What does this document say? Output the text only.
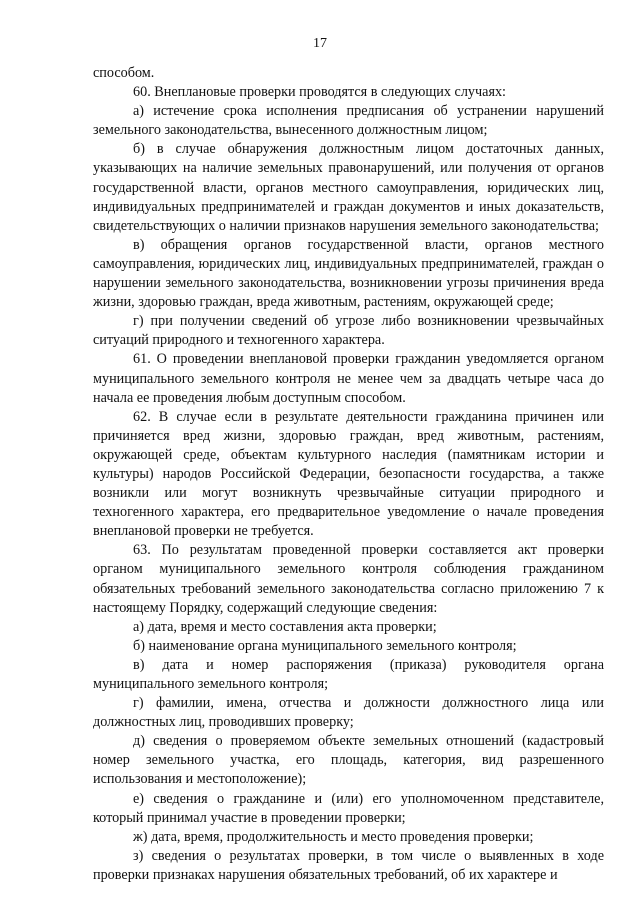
17

способом.

60. Внеплановые проверки проводятся в следующих случаях:

а) истечение срока исполнения предписания об устранении нарушений земельного законодательства, вынесенного должностным лицом;

б) в случае обнаружения должностным лицом достаточных данных, указывающих на наличие земельных правонарушений, или получения от органов государственной власти, органов местного самоуправления, юридических лиц, индивидуальных предпринимателей и граждан документов и иных доказательств, свидетельствующих о наличии признаков нарушения земельного законодательства;

в) обращения органов государственной власти, органов местного самоуправления, юридических лиц, индивидуальных предпринимателей, граждан о нарушении земельного законодательства, возникновении угрозы причинения вреда жизни, здоровью граждан, вреда животным, растениям, окружающей среде;

г) при получении сведений об угрозе либо возникновении чрезвычайных ситуаций природного и техногенного характера.

61. О проведении внеплановой проверки гражданин уведомляется органом муниципального земельного контроля не менее чем за двадцать четыре часа до начала ее проведения любым доступным способом.

62. В случае если в результате деятельности гражданина причинен или причиняется вред жизни, здоровью граждан, вред животным, растениям, окружающей среде, объектам культурного наследия (памятникам истории и культуры) народов Российской Федерации, безопасности государства, а также возникли или могут возникнуть чрезвычайные ситуации природного и техногенного характера, его предварительное уведомление о начале проведения внеплановой проверки не требуется.

63. По результатам проведенной проверки составляется акт проверки органом муниципального земельного контроля соблюдения гражданином обязательных требований земельного законодательства согласно приложению 7 к настоящему Порядку, содержащий следующие сведения:

а) дата, время и место составления акта проверки;

б) наименование органа муниципального земельного контроля;

в) дата и номер распоряжения (приказа) руководителя органа муниципального земельного контроля;

г) фамилии, имена, отчества и должности должностного лица или должностных лиц, проводивших проверку;

д) сведения о проверяемом объекте земельных отношений (кадастровый номер земельного участка, его площадь, категория, вид разрешенного использования и местоположение);

е) сведения о гражданине и (или) его уполномоченном представителе, который принимал участие в проведении проверки;

ж) дата, время, продолжительность и место проведения проверки;

з) сведения о результатах проверки, в том числе о выявленных в ходе проверки признаках нарушения обязательных требований, об их характере и
